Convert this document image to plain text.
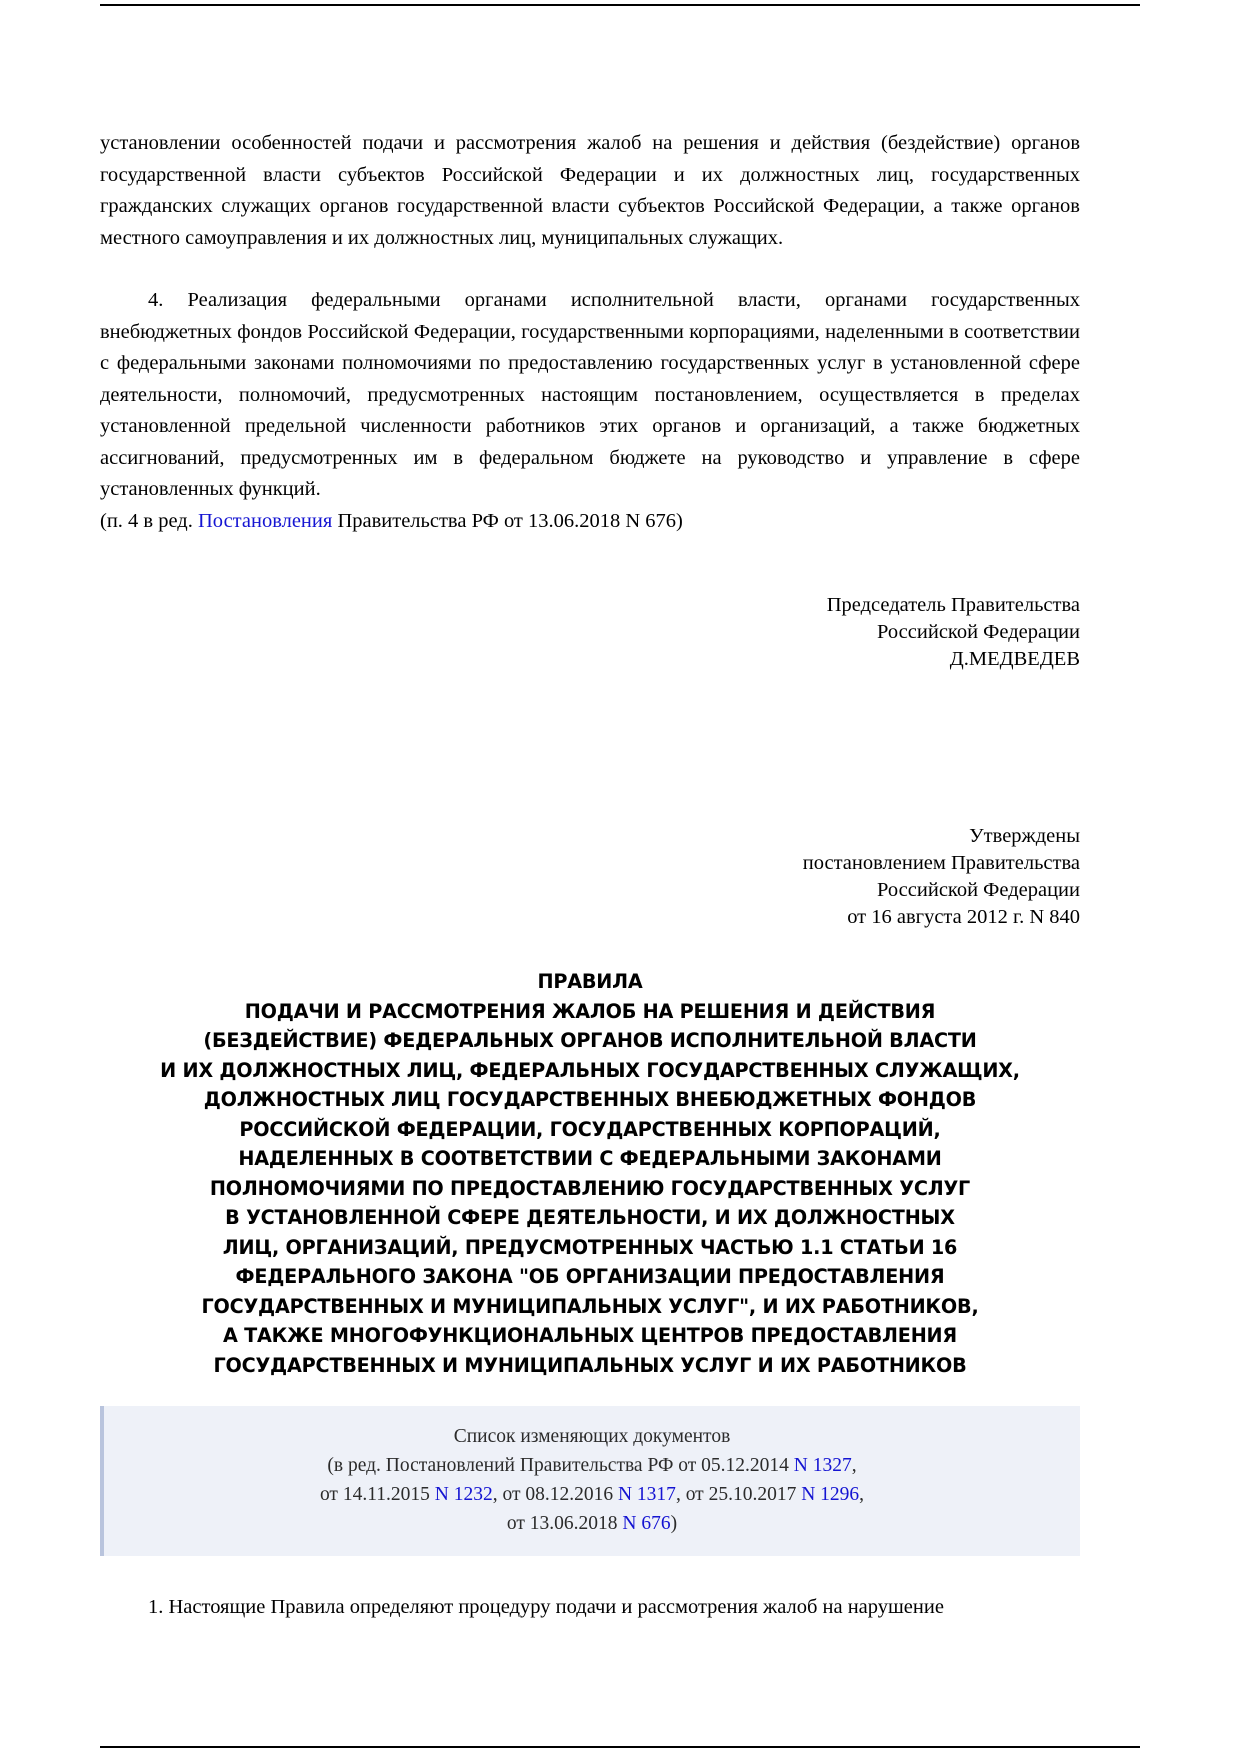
установлении особенностей подачи и рассмотрения жалоб на решения и действия (бездействие) органов государственной власти субъектов Российской Федерации и их должностных лиц, государственных гражданских служащих органов государственной власти субъектов Российской Федерации, а также органов местного самоуправления и их должностных лиц, муниципальных служащих.

4. Реализация федеральными органами исполнительной власти, органами государственных внебюджетных фондов Российской Федерации, государственными корпорациями, наделенными в соответствии с федеральными законами полномочиями по предоставлению государственных услуг в установленной сфере деятельности, полномочий, предусмотренных настоящим постановлением, осуществляется в пределах установленной предельной численности работников этих органов и организаций, а также бюджетных ассигнований, предусмотренных им в федеральном бюджете на руководство и управление в сфере установленных функций.

(п. 4 в ред. Постановления Правительства РФ от 13.06.2018 N 676)

Председатель Правительства
Российской Федерации
Д.МЕДВЕДЕВ
Утверждены
постановлением Правительства
Российской Федерации
от 16 августа 2012 г. N 840
ПРАВИЛА
ПОДАЧИ И РАССМОТРЕНИЯ ЖАЛОБ НА РЕШЕНИЯ И ДЕЙСТВИЯ
(БЕЗДЕЙСТВИЕ) ФЕДЕРАЛЬНЫХ ОРГАНОВ ИСПОЛНИТЕЛЬНОЙ ВЛАСТИ
И ИХ ДОЛЖНОСТНЫХ ЛИЦ, ФЕДЕРАЛЬНЫХ ГОСУДАРСТВЕННЫХ СЛУЖАЩИХ,
ДОЛЖНОСТНЫХ ЛИЦ ГОСУДАРСТВЕННЫХ ВНЕБЮДЖЕТНЫХ ФОНДОВ
РОССИЙСКОЙ ФЕДЕРАЦИИ, ГОСУДАРСТВЕННЫХ КОРПОРАЦИЙ,
НАДЕЛЕННЫХ В СООТВЕТСТВИИ С ФЕДЕРАЛЬНЫМИ ЗАКОНАМИ
ПОЛНОМОЧИЯМИ ПО ПРЕДОСТАВЛЕНИЮ ГОСУДАРСТВЕННЫХ УСЛУГ
В УСТАНОВЛЕННОЙ СФЕРЕ ДЕЯТЕЛЬНОСТИ, И ИХ ДОЛЖНОСТНЫХ
ЛИЦ, ОРГАНИЗАЦИЙ, ПРЕДУСМОТРЕННЫХ ЧАСТЬЮ 1.1 СТАТЬИ 16
ФЕДЕРАЛЬНОГО ЗАКОНА "ОБ ОРГАНИЗАЦИИ ПРЕДОСТАВЛЕНИЯ
ГОСУДАРСТВЕННЫХ И МУНИЦИПАЛЬНЫХ УСЛУГ", И ИХ РАБОТНИКОВ,
А ТАКЖЕ МНОГОФУНКЦИОНАЛЬНЫХ ЦЕНТРОВ ПРЕДОСТАВЛЕНИЯ
ГОСУДАРСТВЕННЫХ И МУНИЦИПАЛЬНЫХ УСЛУГ И ИХ РАБОТНИКОВ
Список изменяющих документов
(в ред. Постановлений Правительства РФ от 05.12.2014 N 1327,
от 14.11.2015 N 1232, от 08.12.2016 N 1317, от 25.10.2017 N 1296,
от 13.06.2018 N 676)

1. Настоящие Правила определяют процедуру подачи и рассмотрения жалоб на нарушение
